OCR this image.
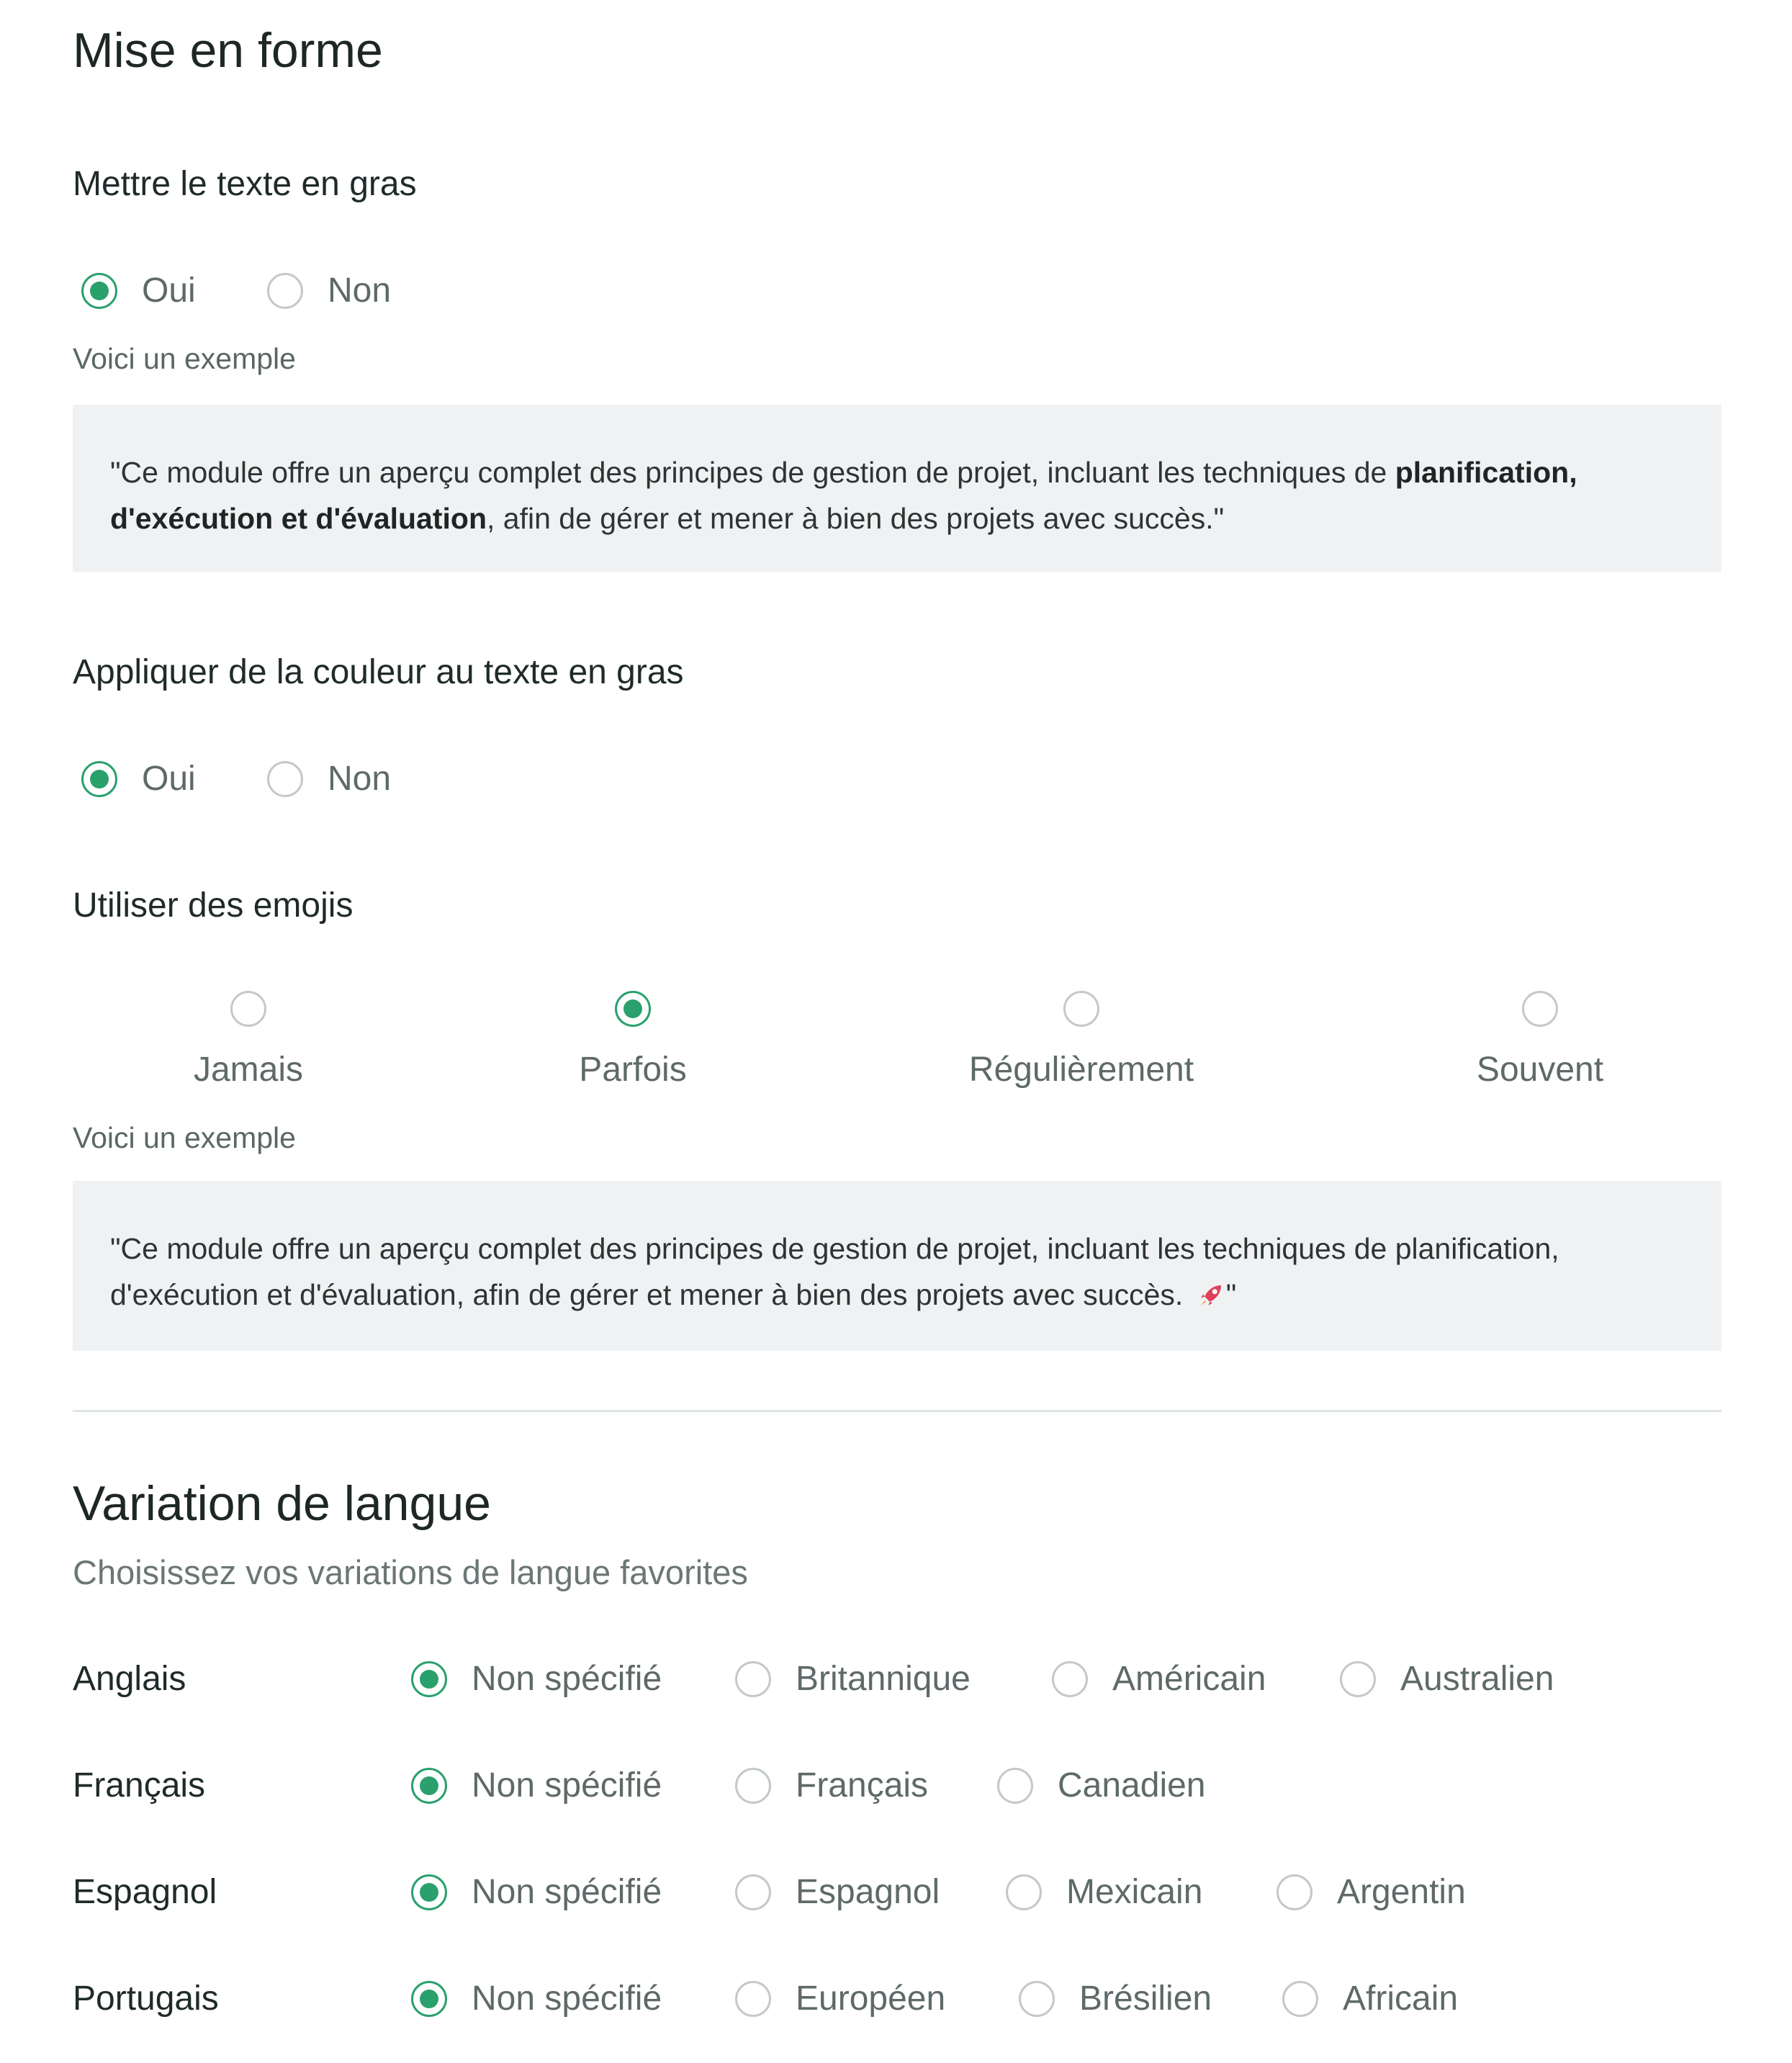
Mise en forme
Mettre le texte en gras
Oui	Non
Voici un exemple
"Ce module offre un aperçu complet des principes de gestion de projet, incluant les techniques de planification, d'exécution et d'évaluation, afin de gérer et mener à bien des projets avec succès."
Appliquer de la couleur au texte en gras
Oui	Non
Utiliser des emojis
Jamais	Parfois	Régulièrement	Souvent
Voici un exemple
"Ce module offre un aperçu complet des principes de gestion de projet, incluant les techniques de planification, d'exécution et d'évaluation, afin de gérer et mener à bien des projets avec succès. "
Variation de langue
Choisissez vos variations de langue favorites
Anglais	Non spécifié	Britannique	Américain	Australien
Français	Non spécifié	Français	Canadien
Espagnol	Non spécifié	Espagnol	Mexicain	Argentin
Portugais	Non spécifié	Européen	Brésilien	Africain
